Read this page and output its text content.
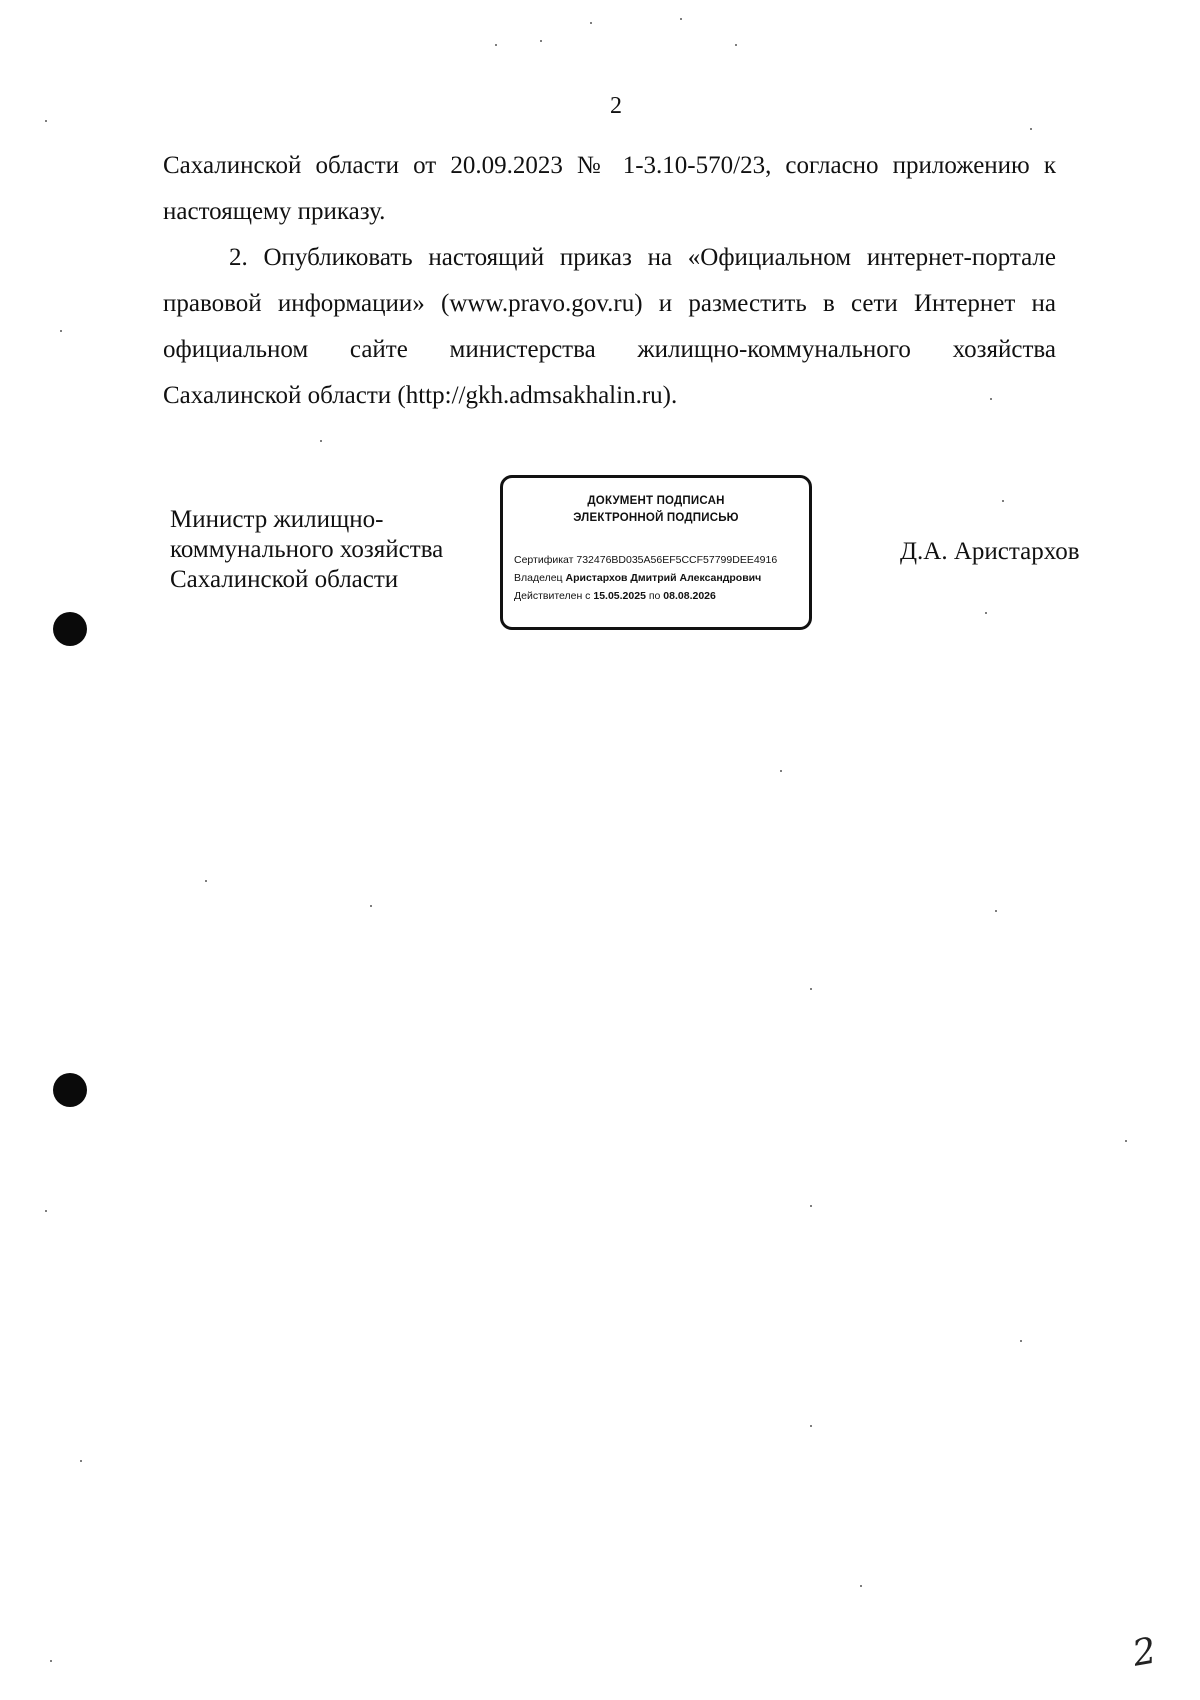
2

Сахалинской области от 20.09.2023 № 1-3.10-570/23, согласно приложению к настоящему приказу.

2. Опубликовать настоящий приказ на «Официальном интернет-портале правовой информации» (www.pravo.gov.ru) и разместить в сети Интернет на официальном сайте министерства жилищно-коммунального хозяйства Сахалинской области (http://gkh.admsakhalin.ru).

Министр жилищно-
коммунального хозяйства
Сахалинской области
ДОКУМЕНТ ПОДПИСАН
ЭЛЕКТРОННОЙ ПОДПИСЬЮ
Сертификат 732476BD035A56EF5CCF57799DEE4916
Владелец Аристархов Дмитрий Александрович
Действителен с 15.05.2025 по 08.08.2026
Д.А. Аристархов
2
